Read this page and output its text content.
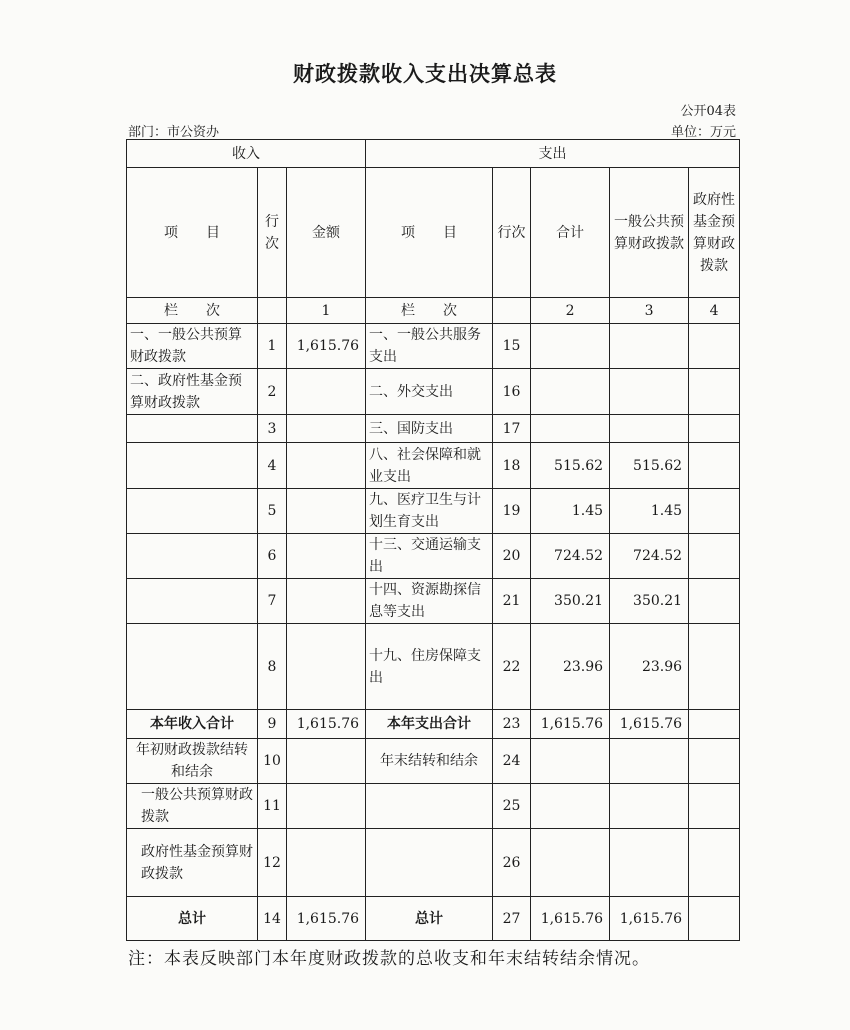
财政拨款收入支出决算总表
公开04表
部门：市公资办	单位：万元
收入			支出				
项　　目	行次	金额	项　　目	行次	合计	一般公共预算财政拨款	政府性基金预算财政拨款
栏　　次		1	栏　　次		2	3	4
一、一般公共预算财政拨款	1	1,615.76	一、一般公共服务支出	15			
二、政府性基金预算财政拨款	2		二、外交支出	16			
	3		三、国防支出	17			
	4		八、社会保障和就业支出	18	515.62	515.62	
	5		九、医疗卫生与计划生育支出	19	1.45	1.45	
	6		十三、交通运输支出	20	724.52	724.52	
	7		十四、资源勘探信息等支出	21	350.21	350.21	
	8		十九、住房保障支出	22	23.96	23.96	
本年收入合计	9	1,615.76	本年支出合计	23	1,615.76	1,615.76	
年初财政拨款结转和结余	10		年末结转和结余	24			
一般公共预算财政拨款	11			25			
政府性基金预算财政拨款	12			26			
总计	14	1,615.76	总计	27	1,615.76	1,615.76	
注：本表反映部门本年度财政拨款的总收支和年末结转结余情况。
